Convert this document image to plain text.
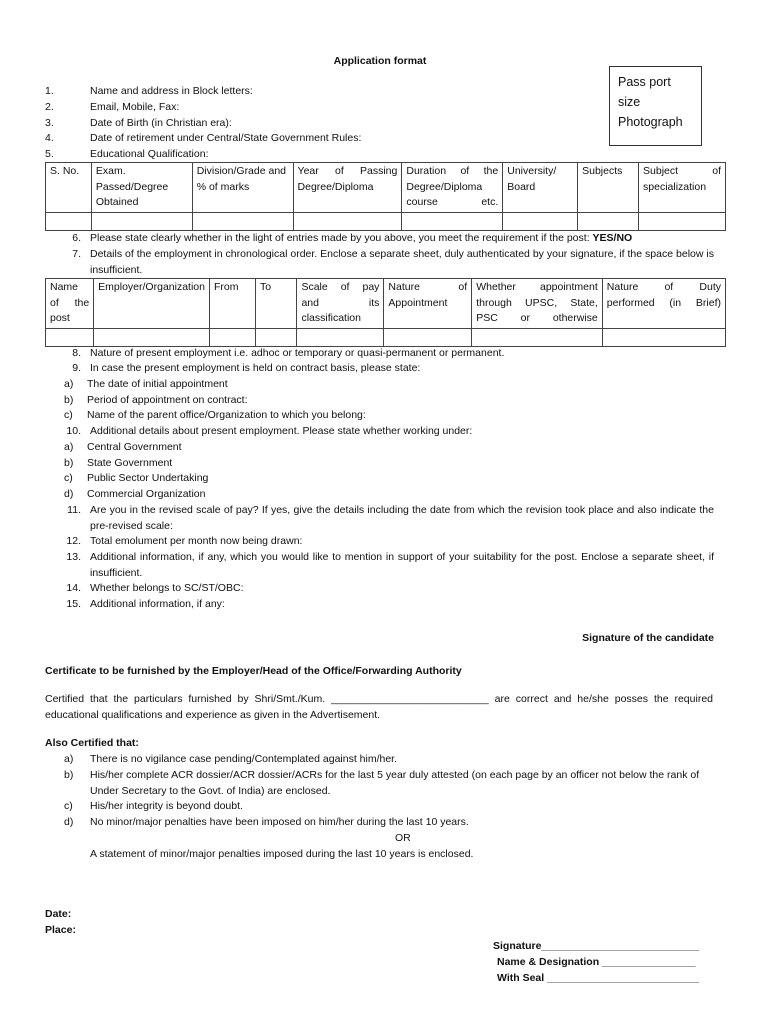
Application format
Pass port
size
Photograph
1.	Name and address in Block letters:
2.	Email, Mobile, Fax:
3.	Date of Birth (in Christian era):
4.	Date of retirement under Central/State Government Rules:
5.	Educational Qualification:
S. No.	Exam. Passed/Degree Obtained	Division/Grade and % of marks	Year of Passing Degree/Diploma	Duration of the Degree/Diploma course etc.	University/ Board	Subjects	Subject of specialization

6. Please state clearly whether in the light of entries made by you above, you meet the requirement if the post: YES/NO
7. Details of the employment in chronological order. Enclose a separate sheet, duly authenticated by your signature, if the space below is insufficient.
Name of the post	Employer/Organization	From	To	Scale of pay and its classification	Nature of Appointment	Whether appointment through UPSC, State, PSC or otherwise	Nature of Duty performed (in Brief)

8. Nature of present employment i.e. adhoc or temporary or quasi-permanent or permanent.
9. In case the present employment is held on contract basis, please state:
a) The date of initial appointment
b) Period of appointment on contract:
c) Name of the parent office/Organization to which you belong:
10. Additional details about present employment. Please state whether working under:
a) Central Government
b) State Government
c) Public Sector Undertaking
d) Commercial Organization
11. Are you in the revised scale of pay? If yes, give the details including the date from which the revision took place and also indicate the pre-revised scale:
12. Total emolument per month now being drawn:
13. Additional information, if any, which you would like to mention in support of your suitability for the post. Enclose a separate sheet, if insufficient.
14. Whether belongs to SC/ST/OBC:
15. Additional information, if any:
Signature of the candidate
Certificate to be furnished by the Employer/Head of the Office/Forwarding Authority
Certified that the particulars furnished by Shri/Smt./Kum. ___________________________ are correct and he/she posses the required educational qualifications and experience as given in the Advertisement.
Also Certified that:
a) There is no vigilance case pending/Contemplated against him/her.
b) His/her complete ACR dossier/ACR dossier/ACRs for the last 5 year duly attested (on each page by an officer not below the rank of Under Secretary to the Govt. of India) are enclosed.
c) His/her integrity is beyond doubt.
d) No minor/major penalties have been imposed on him/her during the last 10 years.
OR
A statement of minor/major penalties imposed during the last 10 years is enclosed.
Date:
Place:
Signature___________________________
Name & Designation ________________
With Seal __________________________
